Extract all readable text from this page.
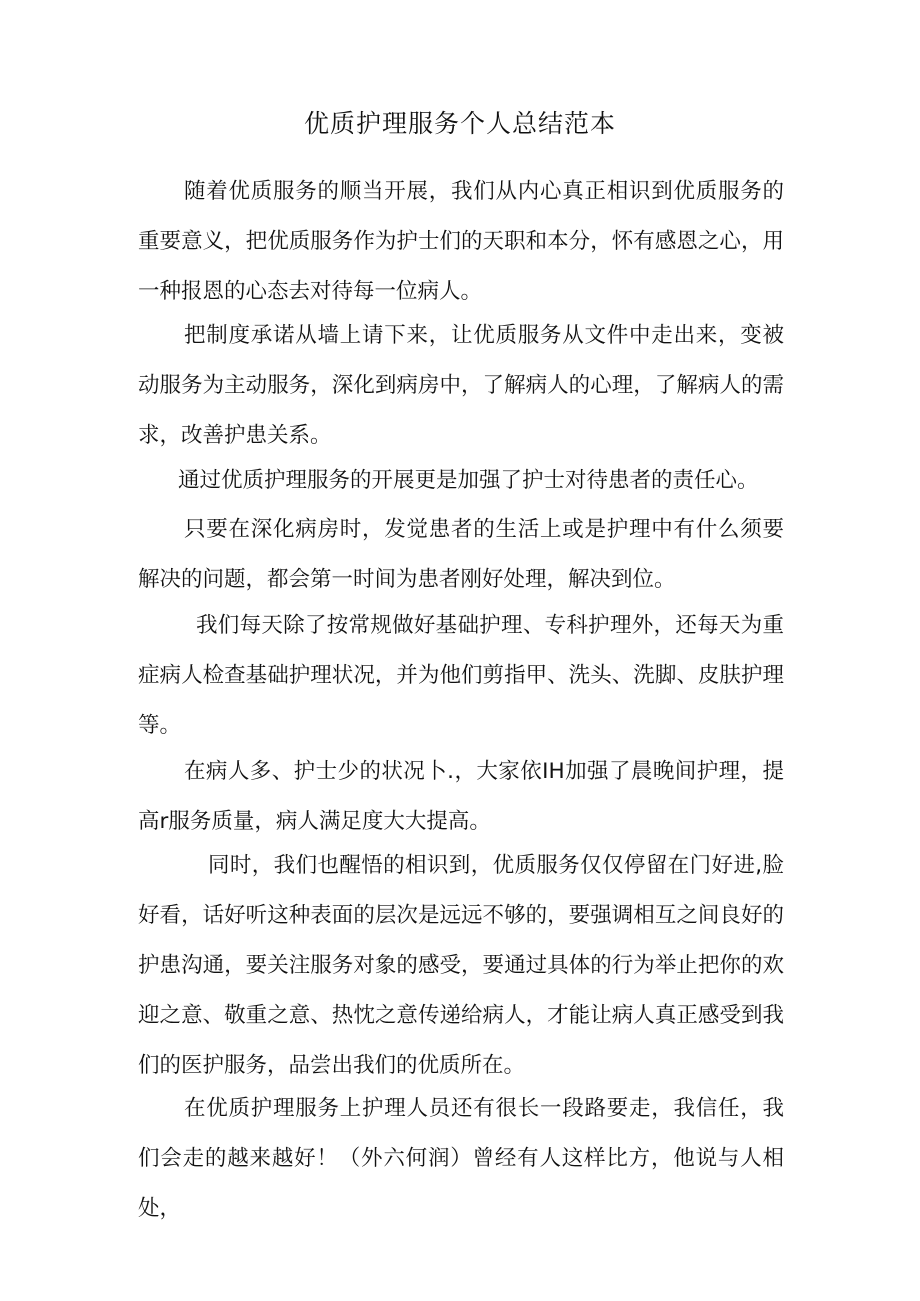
优质护理服务个人总结范本

随着优质服务的顺当开展，我们从内心真正相识到优质服务的重要意义，把优质服务作为护士们的天职和本分，怀有感恩之心，用一种报恩的心态去对待每一位病人。

把制度承诺从墙上请下来，让优质服务从文件中走出来，变被动服务为主动服务，深化到病房中，了解病人的心理，了解病人的需求，改善护患关系。

通过优质护理服务的开展更是加强了护士对待患者的责任心。

只要在深化病房时，发觉患者的生活上或是护理中有什么须要解决的问题，都会第一时间为患者刚好处理，解决到位。

我们每天除了按常规做好基础护理、专科护理外，还每天为重症病人检查基础护理状况，并为他们剪指甲、洗头、洗脚、皮肤护理等。

在病人多、护士少的状况卜.，大家依IH加强了晨晚间护理，提高r服务质量，病人满足度大大提高。

同时，我们也醒悟的相识到，优质服务仅仅停留在门好进,脸好看，话好听这种表面的层次是远远不够的，要强调相互之间良好的护患沟通，要关注服务对象的感受，要通过具体的行为举止把你的欢迎之意、敬重之意、热忱之意传递给病人，才能让病人真正感受到我们的医护服务，品尝出我们的优质所在。

在优质护理服务上护理人员还有很长一段路要走，我信任，我们会走的越来越好！（外六何润）曾经有人这样比方，他说与人相处，
